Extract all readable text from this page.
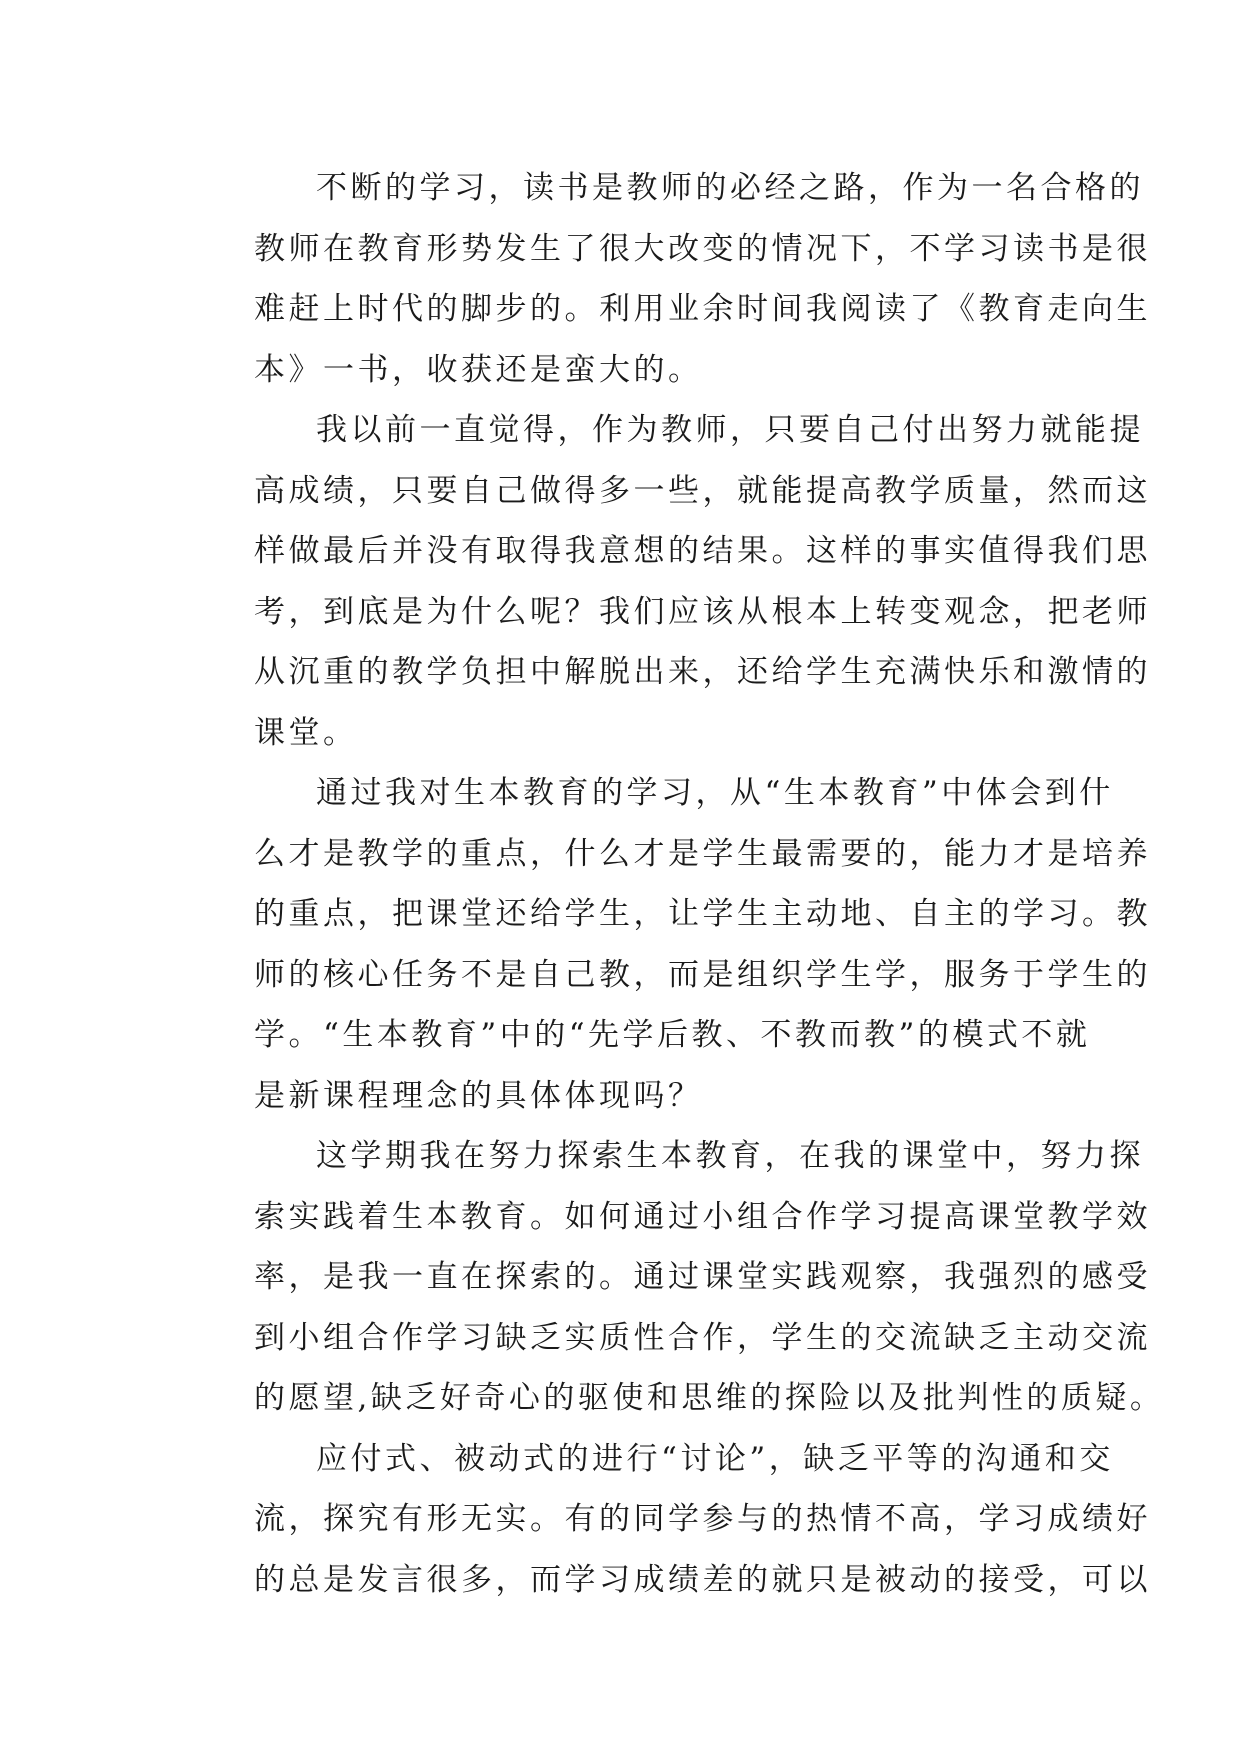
不断的学习，读书是教师的必经之路，作为一名合格的
教师在教育形势发生了很大改变的情况下，不学习读书是很
难赶上时代的脚步的。利用业余时间我阅读了《教育走向生
本》一书，收获还是蛮大的。
我以前一直觉得，作为教师，只要自己付出努力就能提
高成绩，只要自己做得多一些，就能提高教学质量，然而这
样做最后并没有取得我意想的结果。这样的事实值得我们思
考，到底是为什么呢？我们应该从根本上转变观念，把老师
从沉重的教学负担中解脱出来，还给学生充满快乐和激情的
课堂。
通过我对生本教育的学习，从“生本教育”中体会到什
么才是教学的重点，什么才是学生最需要的，能力才是培养
的重点，把课堂还给学生，让学生主动地、自主的学习。教
师的核心任务不是自己教，而是组织学生学，服务于学生的
学。“生本教育”中的“先学后教、不教而教”的模式不就
是新课程理念的具体体现吗？
这学期我在努力探索生本教育，在我的课堂中，努力探
索实践着生本教育。如何通过小组合作学习提高课堂教学效
率，是我一直在探索的。通过课堂实践观察，我强烈的感受
到小组合作学习缺乏实质性合作，学生的交流缺乏主动交流
的愿望,缺乏好奇心的驱使和思维的探险以及批判性的质疑。
应付式、被动式的进行“讨论”，缺乏平等的沟通和交
流，探究有形无实。有的同学参与的热情不高，学习成绩好
的总是发言很多，而学习成绩差的就只是被动的接受，可以
